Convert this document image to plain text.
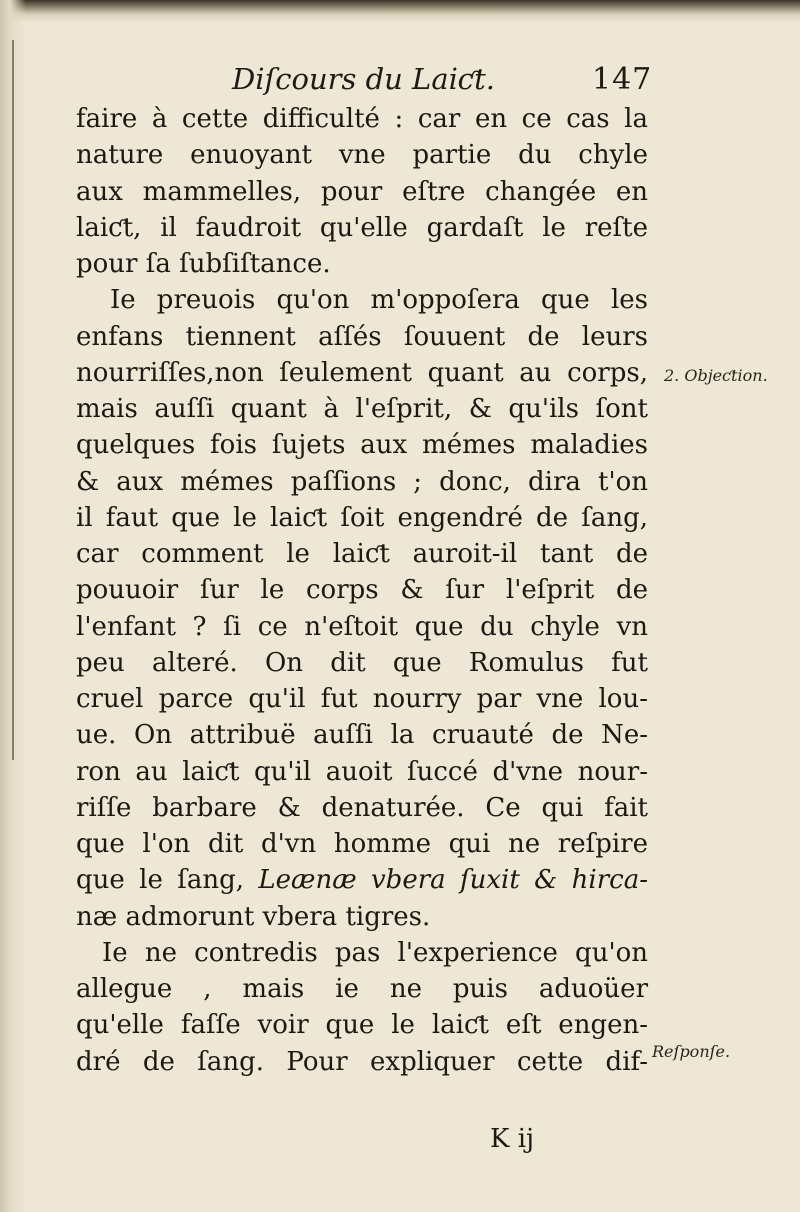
Diſcours du Laiƈt.	147
faire à cette difficulté : car en ce cas la
nature enuoyant vne partie du chyle
aux mammelles, pour eſtre changée en
laiƈt, il faudroit qu'elle gardaſt le reſte
pour ſa ſubſiſtance.
Ie preuois qu'on m'oppoſera que les
enfans tiennent aſſés ſouuent de leurs
nourriſſes,non ſeulement quant au corps,
mais auſſi quant à l'eſprit, & qu'ils ſont
quelques fois ſujets aux mémes maladies
& aux mémes paſſions ; donc, dira t'on
il faut que le laiƈt ſoit engendré de ſang,
car comment le laiƈt auroit-il tant de
pouuoir ſur le corps & ſur l'eſprit de
l'enfant ? ſi ce n'eſtoit que du chyle vn
peu alteré. On dit que Romulus fut
cruel parce qu'il fut nourry par vne lou-
ue. On attribuë auſſi la cruauté de Ne-
ron au laiƈt qu'il auoit ſuccé d'vne nour-
riſſe barbare & denaturée. Ce qui fait
que l'on dit d'vn homme qui ne reſpire
que le ſang, Leænæ vbera ſuxit & hirca-
næ admorunt vbera tigres.
Ie ne contredis pas l'experience qu'on
allegue , mais ie ne puis aduoüer
qu'elle faſſe voir que le laiƈt eſt engen-
dré de ſang. Pour expliquer cette dif-
2. Objeƈtion.
Reſponſe.
K ij
